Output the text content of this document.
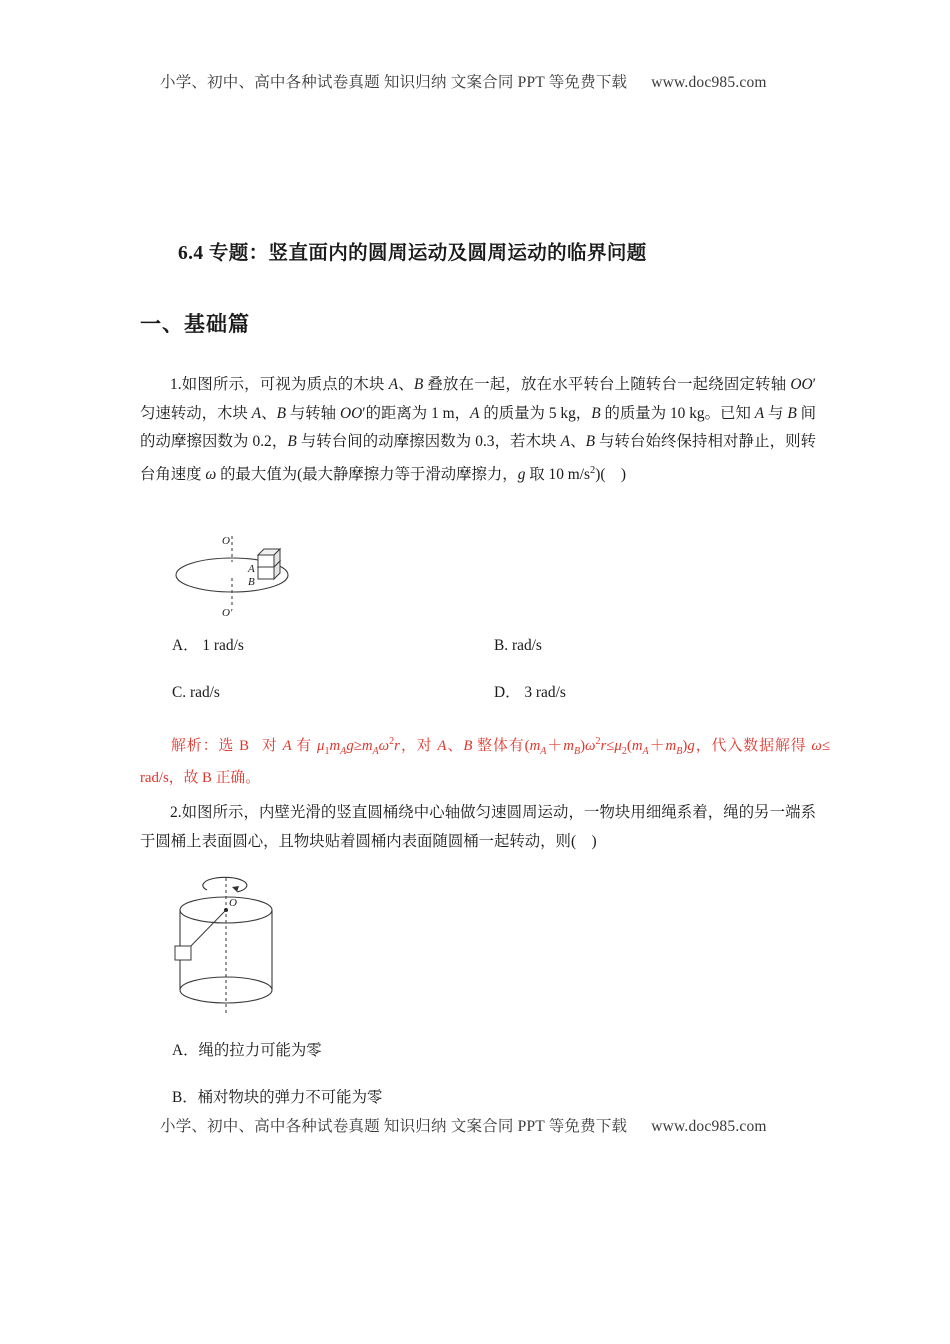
小学、初中、高中各种试卷真题 知识归纳 文案合同 PPT 等免费下载 www.doc985.com
6.4 专题：竖直面内的圆周运动及圆周运动的临界问题
一、基础篇
1.如图所示，可视为质点的木块 A、B 叠放在一起，放在水平转台上随转台一起绕固定转轴 OO′匀速转动，木块 A、B 与转轴 OO′的距离为 1 m，A 的质量为 5 kg，B 的质量为 10 kg。已知 A 与 B 间的动摩擦因数为 0.2，B 与转台间的动摩擦因数为 0.3，若木块 A、B 与转台始终保持相对静止，则转台角速度 ω 的最大值为(最大静摩擦力等于滑动摩擦力，g 取 10 $m/s^2$)(    )
O
O′
A
B
A． 1 rad/s	B. rad/s
C. rad/s	D． 3 rad/s
解析：选 B 对 A 有 $\mu_1m_Ag\ge m_A\omega^2r$，对 A、B 整体有$(m_A+m_B)\omega^2r\le\mu_2(m_A+m_B)g$，代入数据解得 ω≤ rad/s，故 B 正确。
2.如图所示，内壁光滑的竖直圆桶绕中心轴做匀速圆周运动，一物块用细绳系着，绳的另一端系于圆桶上表面圆心，且物块贴着圆桶内表面随圆桶一起转动，则(    )
O
A．绳的拉力可能为零
B．桶对物块的弹力不可能为零
小学、初中、高中各种试卷真题 知识归纳 文案合同 PPT 等免费下载 www.doc985.com
